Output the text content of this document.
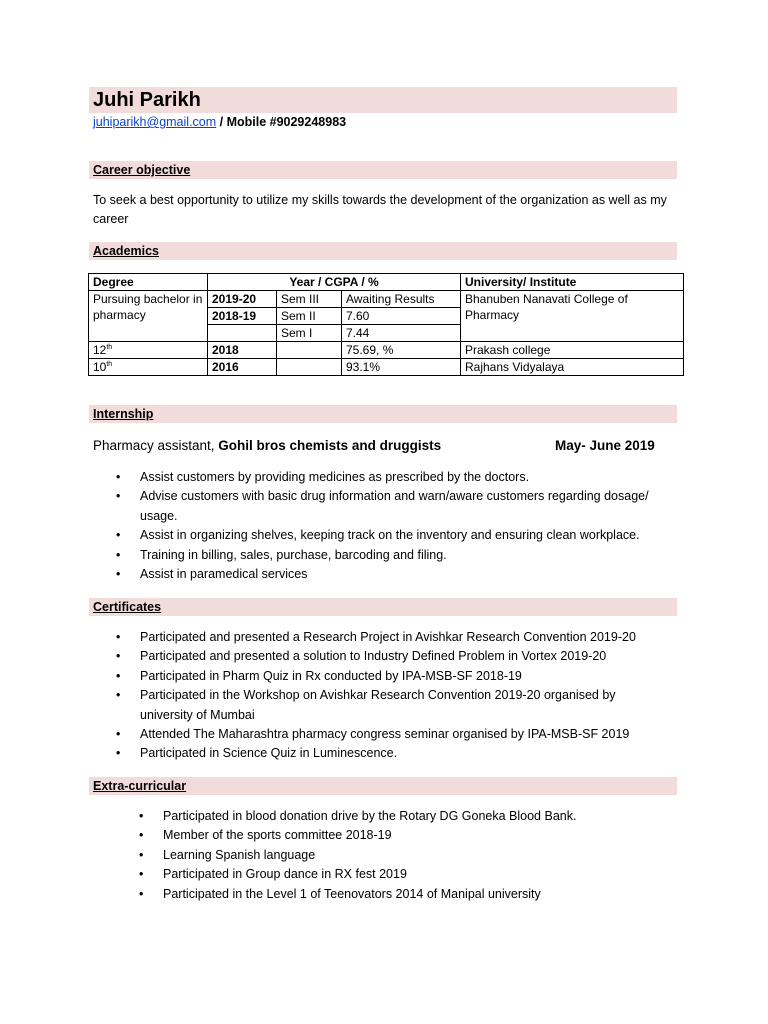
Juhi Parikh
juhiparikh@gmail.com / Mobile #9029248983
Career objective
To seek a best opportunity to utilize my skills towards the development of the organization as well as my career
Academics
Degree	Year / CGPA / %			University/ Institute
Pursuing bachelor in pharmacy	2019-20	Sem III	Awaiting Results	Bhanuben Nanavati College of Pharmacy
	2018-19	Sem II	7.60	
		Sem I	7.44	
12th	2018		75.69, %	Prakash college
10th	2016		93.1%	Rajhans Vidyalaya
Internship
Pharmacy assistant, Gohil bros chemists and druggists	May- June 2019
• Assist customers by providing medicines as prescribed by the doctors.
• Advise customers with basic drug information and warn/aware customers regarding dosage/ usage.
• Assist in organizing shelves, keeping track on the inventory and ensuring clean workplace.
• Training in billing, sales, purchase, barcoding and filing.
• Assist in paramedical services
Certificates
• Participated and presented a Research Project in Avishkar Research Convention 2019-20
• Participated and presented a solution to Industry Defined Problem in Vortex 2019-20
• Participated in Pharm Quiz in Rx conducted by IPA-MSB-SF 2018-19
• Participated in the Workshop on Avishkar Research Convention 2019-20 organised by university of Mumbai
• Attended The Maharashtra pharmacy congress seminar organised by IPA-MSB-SF 2019
• Participated in Science Quiz in Luminescence.
Extra-curricular
• Participated in blood donation drive by the Rotary DG Goneka Blood Bank.
• Member of the sports committee 2018-19
• Learning Spanish language
• Participated in Group dance in RX fest 2019
• Participated in the Level 1 of Teenovators 2014 of Manipal university
